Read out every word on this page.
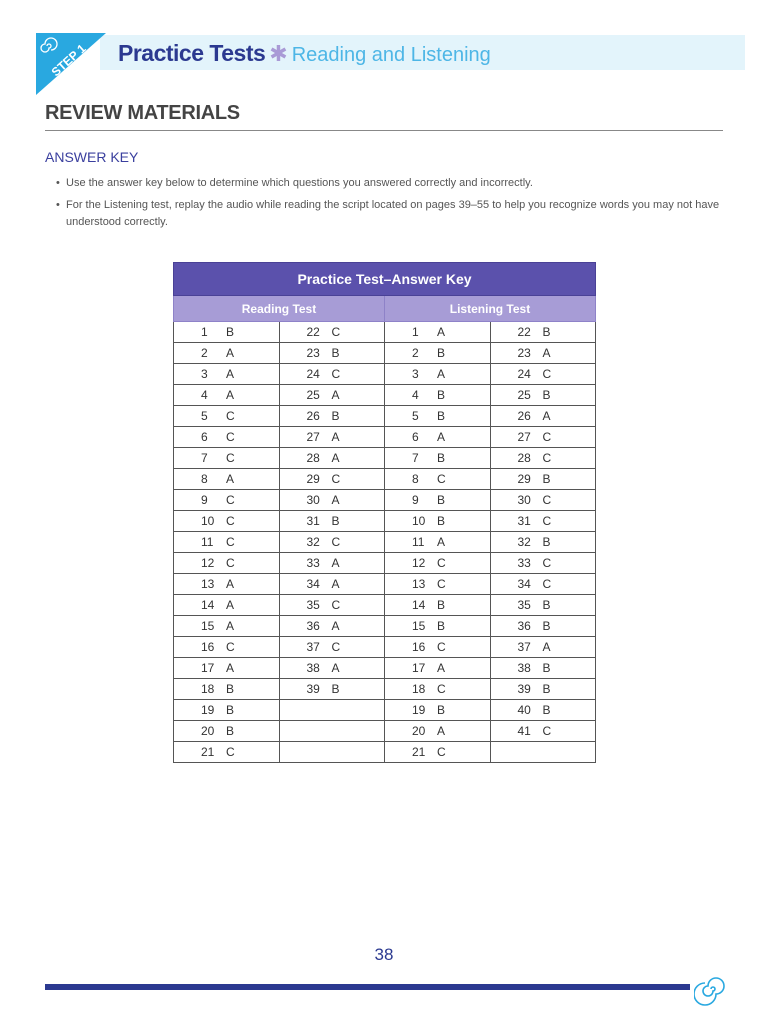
STEP 1 Practice Tests ✱ Reading and Listening
REVIEW MATERIALS
ANSWER KEY
• Use the answer key below to determine which questions you answered correctly and incorrectly.
• For the Listening test, replay the audio while reading the script located on pages 39–55 to help you recognize words you may not have understood correctly.
Practice Test–Answer Key			
Reading Test		Listening Test	

1 B	22 C	1 A	22 B

2 A	23 B	2 B	23 A

3 A	24 C	3 A	24 C

4 A	25 A	4 B	25 B

5 C	26 B	5 B	26 A

6 C	27 A	6 A	27 C

7 C	28 A	7 B	28 C

8 A	29 C	8 C	29 B

9 C	30 A	9 B	30 C

10 C	31 B	10 B	31 C

11 C	32 C	11 A	32 B

12 C	33 A	12 C	33 C

13 A	34 A	13 C	34 C

14 A	35 C	14 B	35 B

15 A	36 A	15 B	36 B

16 C	37 C	16 C	37 A

17 A	38 A	17 A	38 B

18 B	39 B	18 C	39 B

19 B		19 B	40 B

20 B		20 A	41 C

21 C		21 C	

38
